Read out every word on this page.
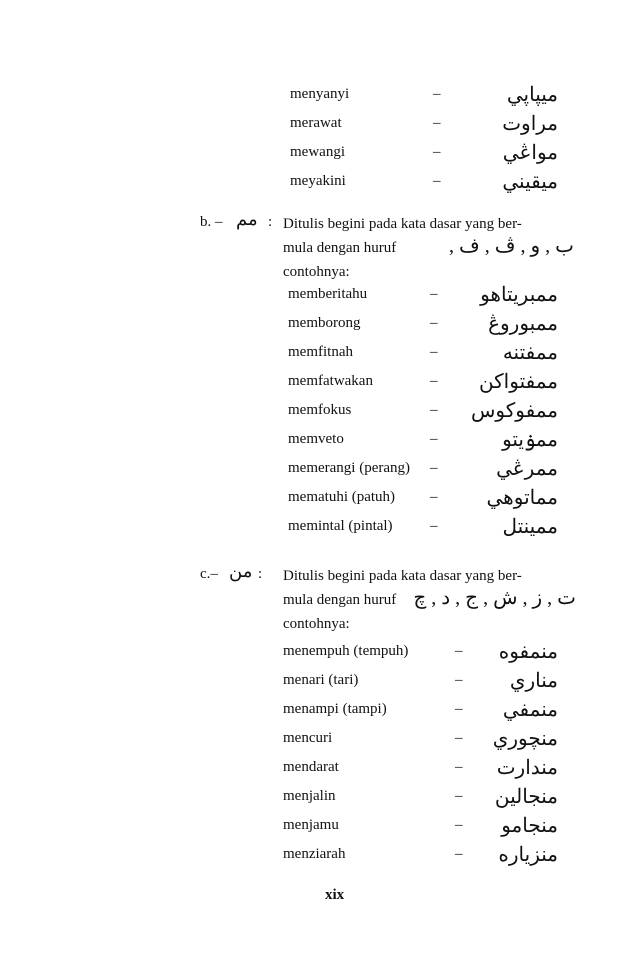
menyanyi	–	ميڽاڽي
merawat	–	مراوت
mewangi	–	مواڠي
meyakini	–	ميقيني
b. – مم : Ditulis begini pada kata dasar yang ber-
mula dengan huruf	ب , و , ڤ , ف ,
contohnya:
memberitahu	– ممبريتاهو
memborong	–	ممبوروڠ
memfitnah	–	ممفتنه
memfatwakan	– ممفتواکن
memfokus	– ممفوکوس
memveto	–	ممۏيتو
memerangi (perang) –	ممرڠي
mematuhi (patuh) – مماتوهي
memintal (pintal) –	ممينتل
c.– من : Ditulis begini pada kata dasar yang ber-
mula dengan huruf ت , ز , ش , ج , د , چ
contohnya:
menempuh (tempuh)	– منمفوه
menari (tari)	– مناري
menampi (tampi)	– منمفي
mencuri	– منچوري
mendarat	– مندارت
menjalin	– منجالين
menjamu	– منجامو
menziarah	– منزياره
xix
